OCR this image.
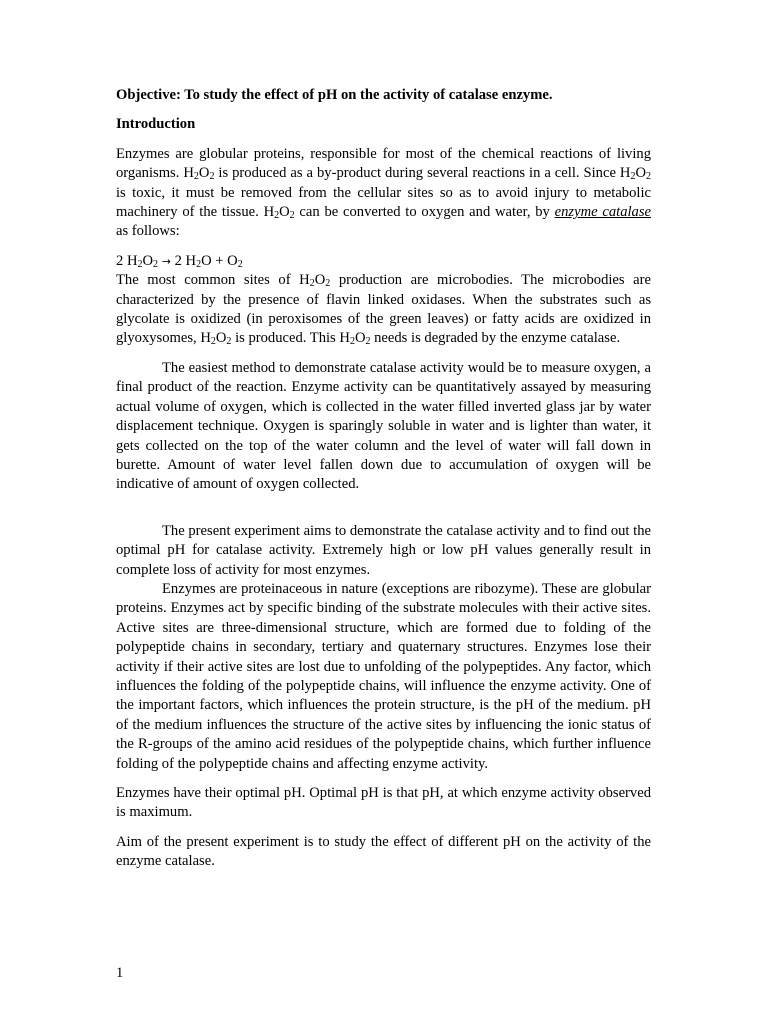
Objective: To study the effect of pH on the activity of catalase enzyme.

Introduction

Enzymes are globular proteins, responsible for most of the chemical reactions of living organisms. $H_2O_2$ is produced as a by-product during several reactions in a cell. Since $H_2O_2$ is toxic, it must be removed from the cellular sites so as to avoid injury to metabolic machinery of the tissue. $H_2O_2$ can be converted to oxygen and water, by enzyme catalase as follows:

2 $H_2O_2 \to 2$ $H_2O + O_2$

The most common sites of $H_2O_2$ production are microbodies. The microbodies are characterized by the presence of flavin linked oxidases. When the substrates such as glycolate is oxidized (in peroxisomes of the green leaves) or fatty acids are oxidized in glyoxysomes, $H_2O_2$ is produced. This $H_2O_2$ needs is degraded by the enzyme catalase.

The easiest method to demonstrate catalase activity would be to measure oxygen, a final product of the reaction. Enzyme activity can be quantitatively assayed by measuring actual volume of oxygen, which is collected in the water filled inverted glass jar by water displacement technique. Oxygen is sparingly soluble in water and is lighter than water, it gets collected on the top of the water column and the level of water will fall down in burette. Amount of water level fallen down due to accumulation of oxygen will be indicative of amount of oxygen collected.

The present experiment aims to demonstrate the catalase activity and to find out the optimal pH for catalase activity. Extremely high or low pH values generally result in complete loss of activity for most enzymes.

Enzymes are proteinaceous in nature (exceptions are ribozyme). These are globular proteins. Enzymes act by specific binding of the substrate molecules with their active sites. Active sites are three-dimensional structure, which are formed due to folding of the polypeptide chains in secondary, tertiary and quaternary structures. Enzymes lose their activity if their active sites are lost due to unfolding of the polypeptides. Any factor, which influences the folding of the polypeptide chains, will influence the enzyme activity. One of the important factors, which influences the protein structure, is the pH of the medium. pH of the medium influences the structure of the active sites by influencing the ionic status of the R-groups of the amino acid residues of the polypeptide chains, which further influence folding of the polypeptide chains and affecting enzyme activity.

Enzymes have their optimal pH. Optimal pH is that pH, at which enzyme activity observed is maximum.

Aim of the present experiment is to study the effect of different pH on the activity of the enzyme catalase.

1
